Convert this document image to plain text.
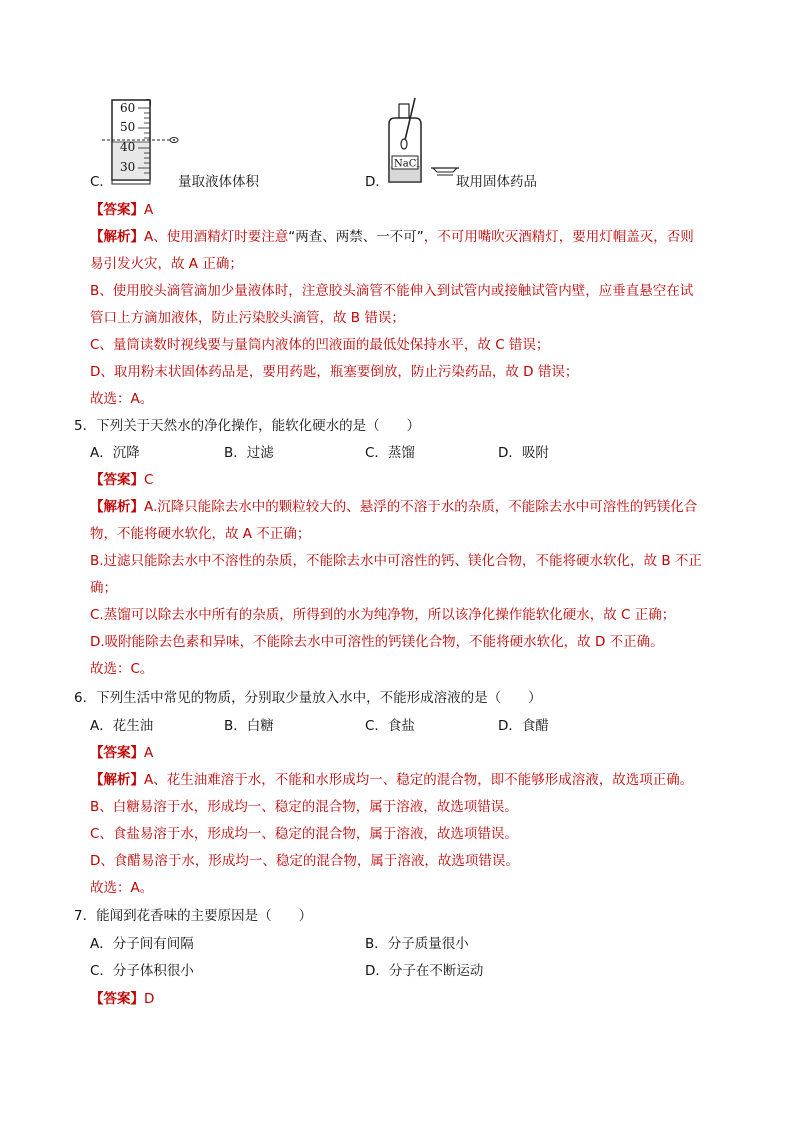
60
50
40
30	NaCl
C．	量取液体体积	D．	取用固体药品
【答案】A
【解析】A、使用酒精灯时要注意“两查、两禁、一不可”，不可用嘴吹灭酒精灯，要用灯帽盖灭，否则
易引发火灾，故 A 正确；
B、使用胶头滴管滴加少量液体时，注意胶头滴管不能伸入到试管内或接触试管内壁，应垂直悬空在试
管口上方滴加液体，防止污染胶头滴管，故 B 错误；
C、量筒读数时视线要与量筒内液体的凹液面的最低处保持水平，故 C 错误；
D、取用粉末状固体药品是，要用药匙，瓶塞要倒放，防止污染药品，故 D 错误；
故选：A。
5．下列关于天然水的净化操作，能软化硬水的是（　　）
A．沉降	B．过滤	C．蒸馏	D．吸附
【答案】C
【解析】A.沉降只能除去水中的颗粒较大的、悬浮的不溶于水的杂质，不能除去水中可溶性的钙镁化合
物，不能将硬水软化，故 A 不正确；
B.过滤只能除去水中不溶性的杂质，不能除去水中可溶性的钙、镁化合物，不能将硬水软化，故 B 不正
确；
C.蒸馏可以除去水中所有的杂质，所得到的水为纯净物，所以该净化操作能软化硬水，故 C 正确；
D.吸附能除去色素和异味，不能除去水中可溶性的钙镁化合物，不能将硬水软化，故 D 不正确。
故选：C。
6．下列生活中常见的物质，分别取少量放入水中，不能形成溶液的是（　　）
A．花生油	B．白糖	C．食盐	D．食醋
【答案】A
【解析】A、花生油难溶于水，不能和水形成均一、稳定的混合物，即不能够形成溶液，故选项正确。
B、白糖易溶于水，形成均一、稳定的混合物，属于溶液，故选项错误。
C、食盐易溶于水，形成均一、稳定的混合物，属于溶液，故选项错误。
D、食醋易溶于水，形成均一、稳定的混合物，属于溶液，故选项错误。
故选：A。
7．能闻到花香味的主要原因是（　　）
A．分子间有间隔	B．分子质量很小
C．分子体积很小	D．分子在不断运动
【答案】D
